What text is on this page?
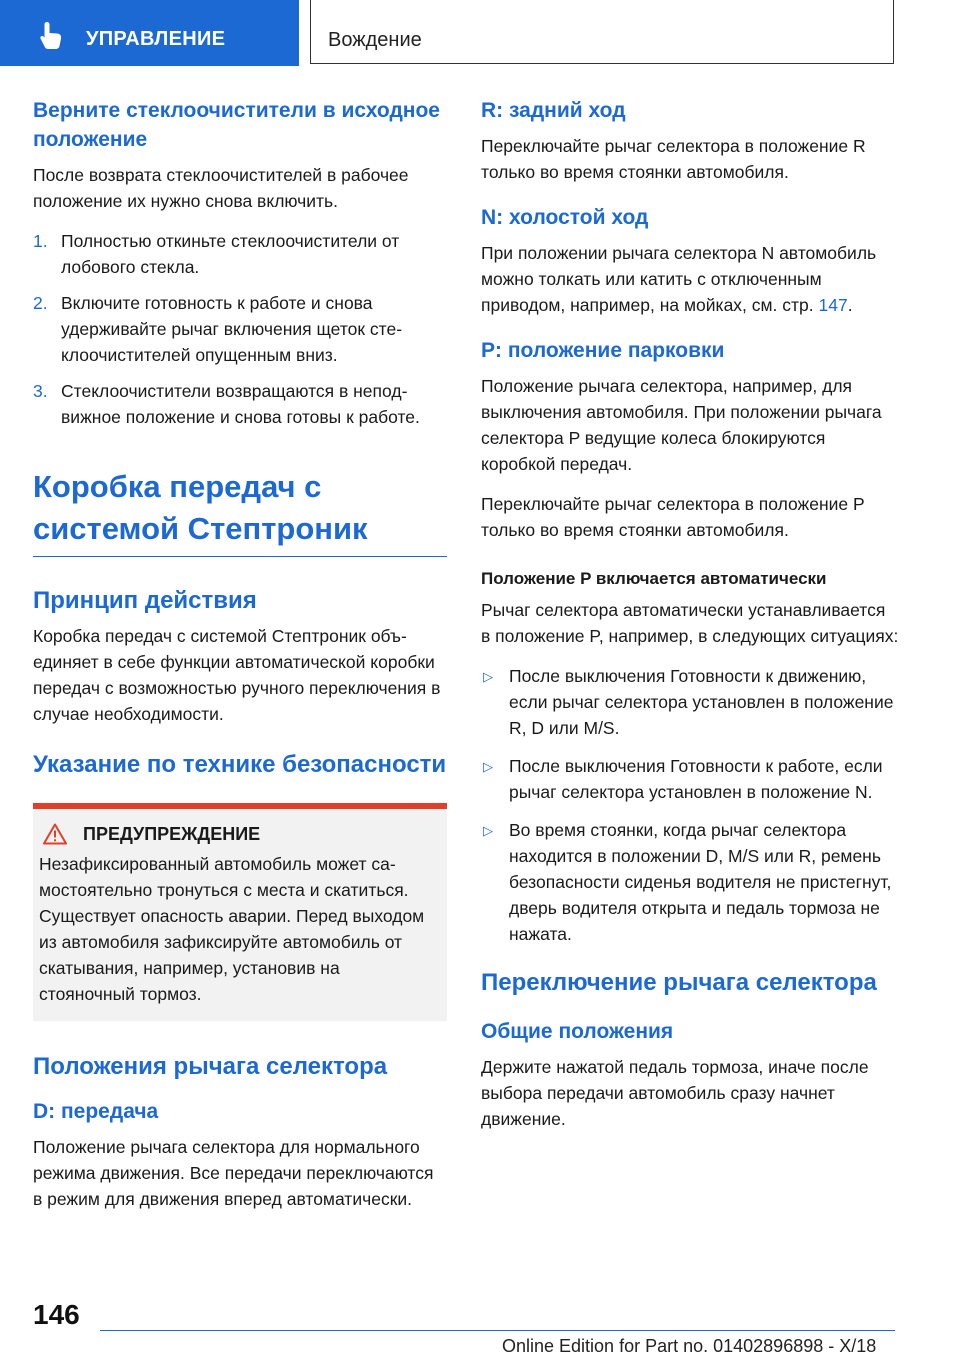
УПРАВЛЕНИЕ	Вождение
Верните стеклоочистители в исходное положение

После возврата стеклоочистителей в рабочее положение их нужно снова включить.

1. Полностью откиньте стеклоочистители от лобового стекла.
2. Включите готовность к работе и снова удерживайте рычаг включения щеток стеклоочистителей опущенным вниз.
3. Стеклоочистители возвращаются в неподвижное положение и снова готовы к работе.
Коробка передач с системой Стептроник
Принцип действия

Коробка передач с системой Стептроник объединяет в себе функции автоматической коробки передач с возможностью ручного переключения в случае необходимости.

Указание по технике безопасности
ПРЕДУПРЕЖДЕНИЕ

Незафиксированный автомобиль может самостоятельно тронуться с места и скатиться. Существует опасность аварии. Перед выходом из автомобиля зафиксируйте автомобиль от скатывания, например, установив на стояночный тормоз.

Положения рычага селектора
D: передача

Положение рычага селектора для нормального режима движения. Все передачи переключаются в режим для движения вперед автоматически.

R: задний ход

Переключайте рычаг селектора в положение R только во время стоянки автомобиля.

N: холостой ход

При положении рычага селектора N автомобиль можно толкать или катить с отключенным приводом, например, на мойках, см. стр. 147.

P: положение парковки

Положение рычага селектора, например, для выключения автомобиля. При положении рычага селектора P ведущие колеса блокируются коробкой передач.

Переключайте рычаг селектора в положение P только во время стоянки автомобиля.

Положение P включается автоматически

Рычаг селектора автоматически устанавливается в положение P, например, в следующих ситуациях:

▷ После выключения Готовности к движению, если рычаг селектора установлен в положение R, D или M/S.
▷ После выключения Готовности к работе, если рычаг селектора установлен в положение N.
▷ Во время стоянки, когда рычаг селектора находится в положении D, M/S или R, ремень безопасности сиденья водителя не пристегнут, дверь водителя открыта и педаль тормоза не нажата.
Переключение рычага селектора
Общие положения

Держите нажатой педаль тормоза, иначе после выбора передачи автомобиль сразу начнет движение.

146
Online Edition for Part no. 01402896898 - X/18
